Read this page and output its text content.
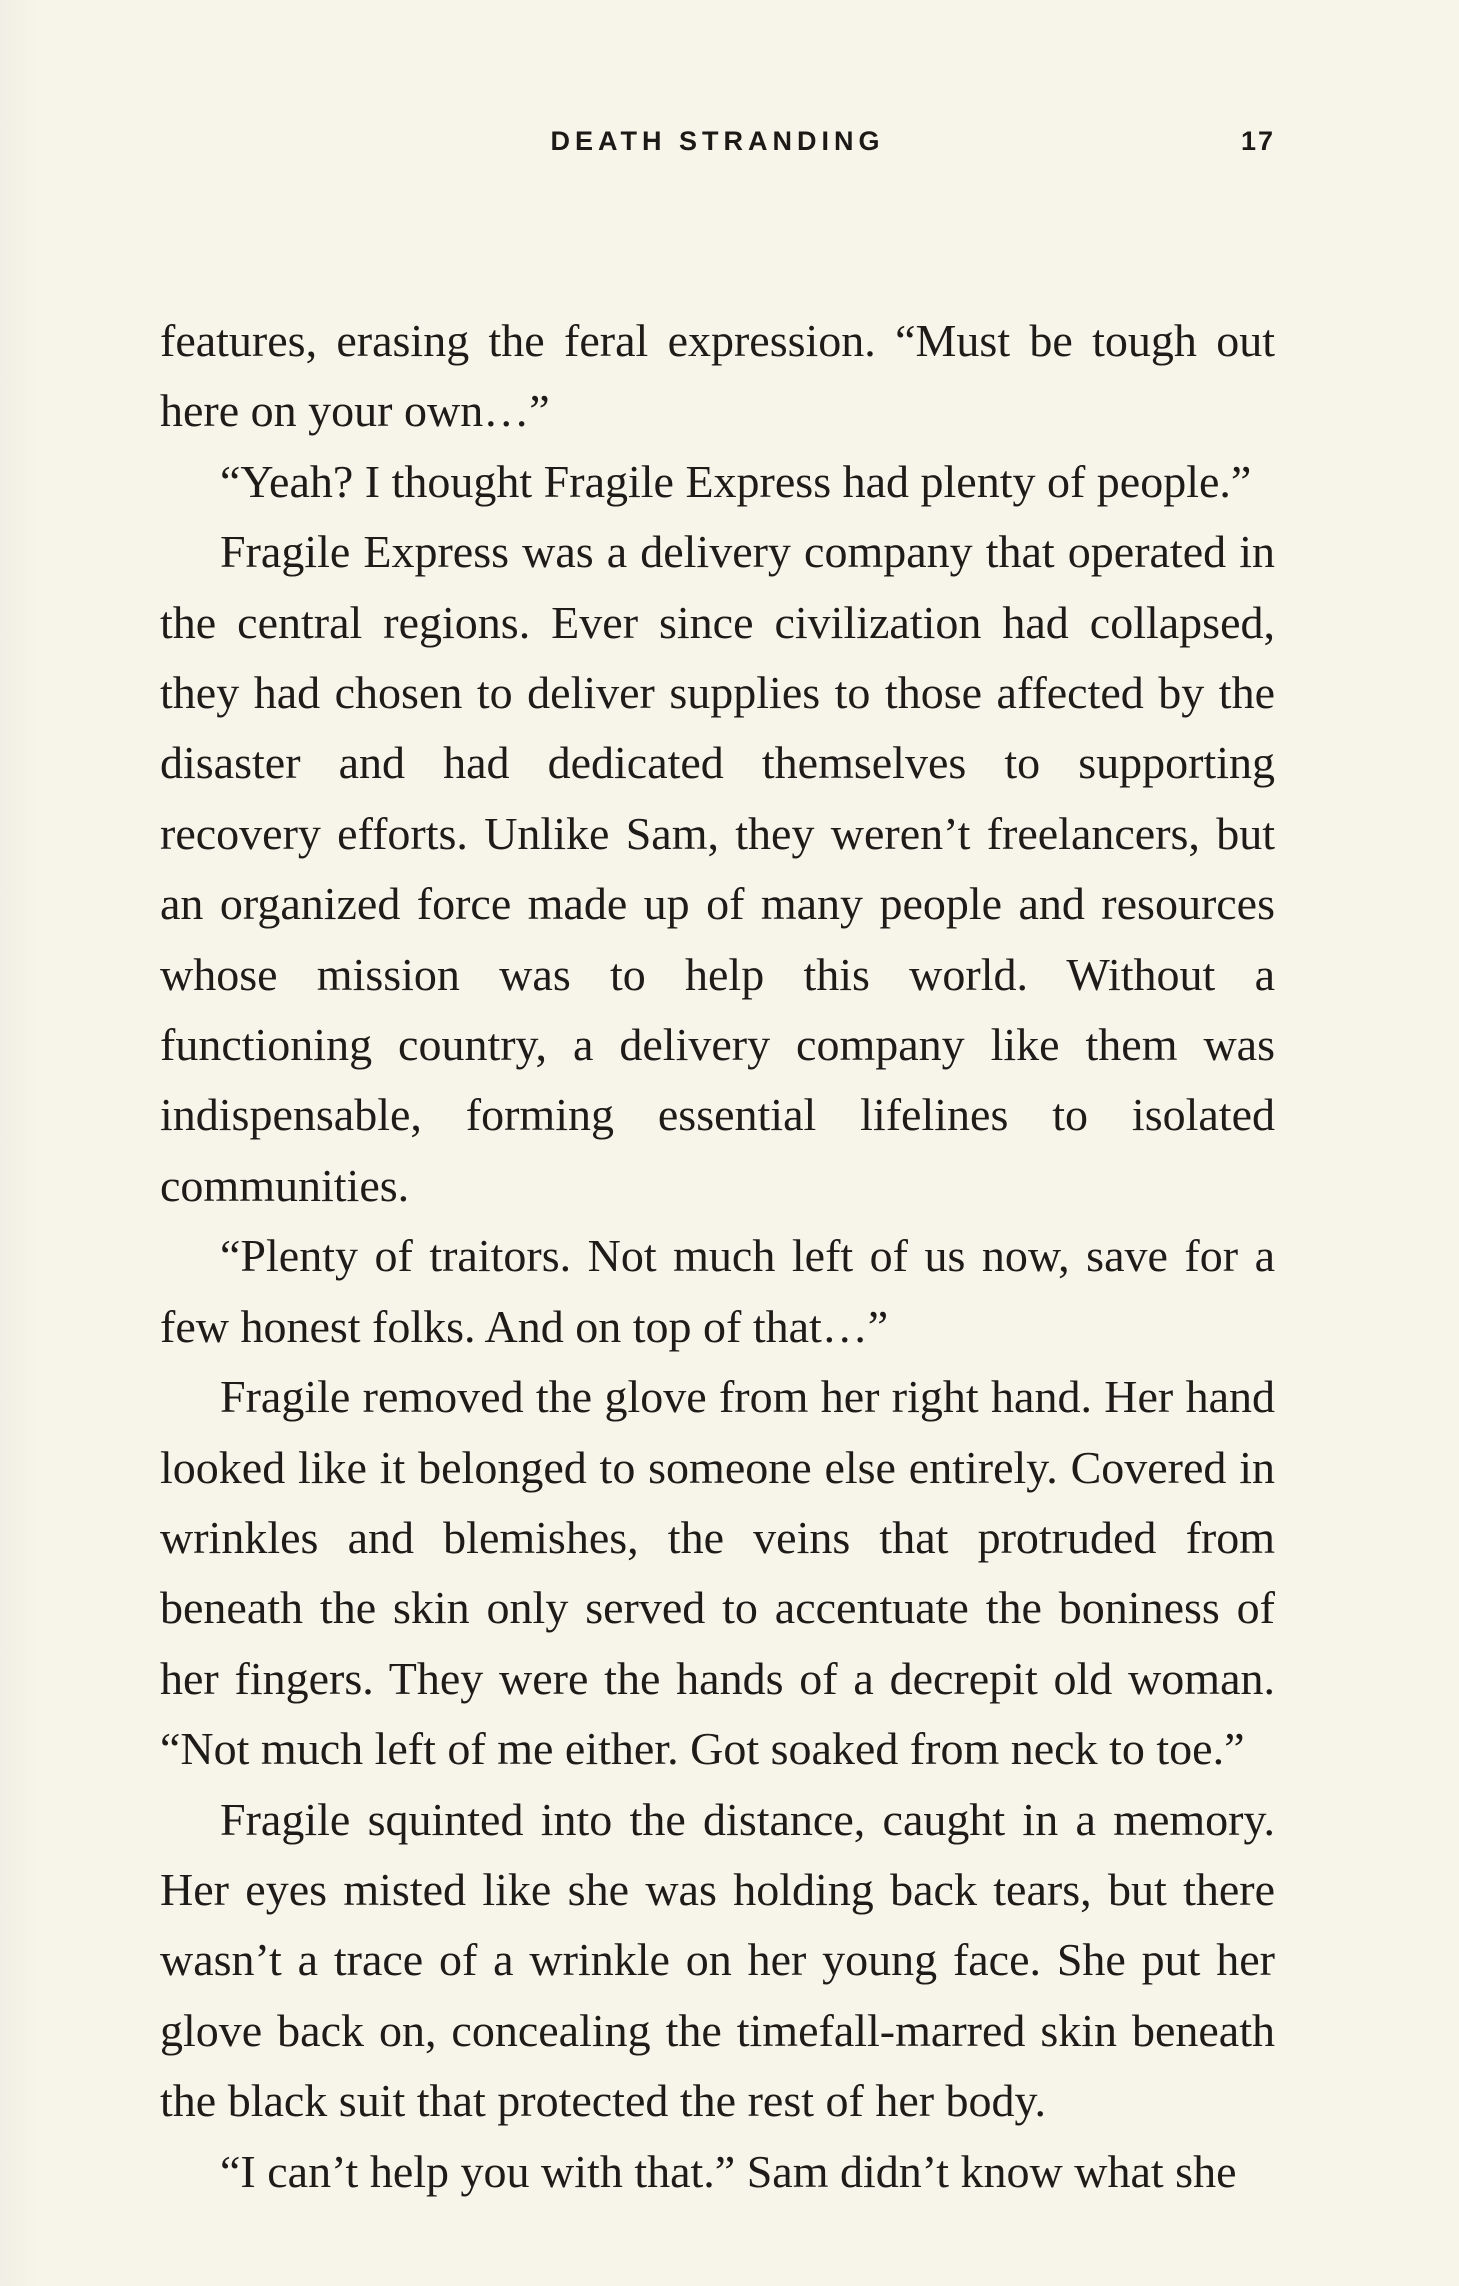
DEATH STRANDING	17

features, erasing the feral expression. “Must be tough out here on your own…”

“Yeah? I thought Fragile Express had plenty of people.”

Fragile Express was a delivery company that operated in the central regions. Ever since civilization had collapsed, they had chosen to deliver supplies to those affected by the disaster and had dedicated themselves to supporting recovery efforts. Unlike Sam, they weren’t freelancers, but an organized force made up of many people and resources whose mission was to help this world. Without a functioning country, a delivery company like them was indispensable, forming essential lifelines to isolated communities.

“Plenty of traitors. Not much left of us now, save for a few honest folks. And on top of that…”

Fragile removed the glove from her right hand. Her hand looked like it belonged to someone else entirely. Covered in wrinkles and blemishes, the veins that protruded from beneath the skin only served to accentuate the boniness of her fingers. They were the hands of a decrepit old woman. “Not much left of me either. Got soaked from neck to toe.”

Fragile squinted into the distance, caught in a memory. Her eyes misted like she was holding back tears, but there wasn’t a trace of a wrinkle on her young face. She put her glove back on, concealing the timefall-marred skin beneath the black suit that protected the rest of her body.

“I can’t help you with that.” Sam didn’t know what she
